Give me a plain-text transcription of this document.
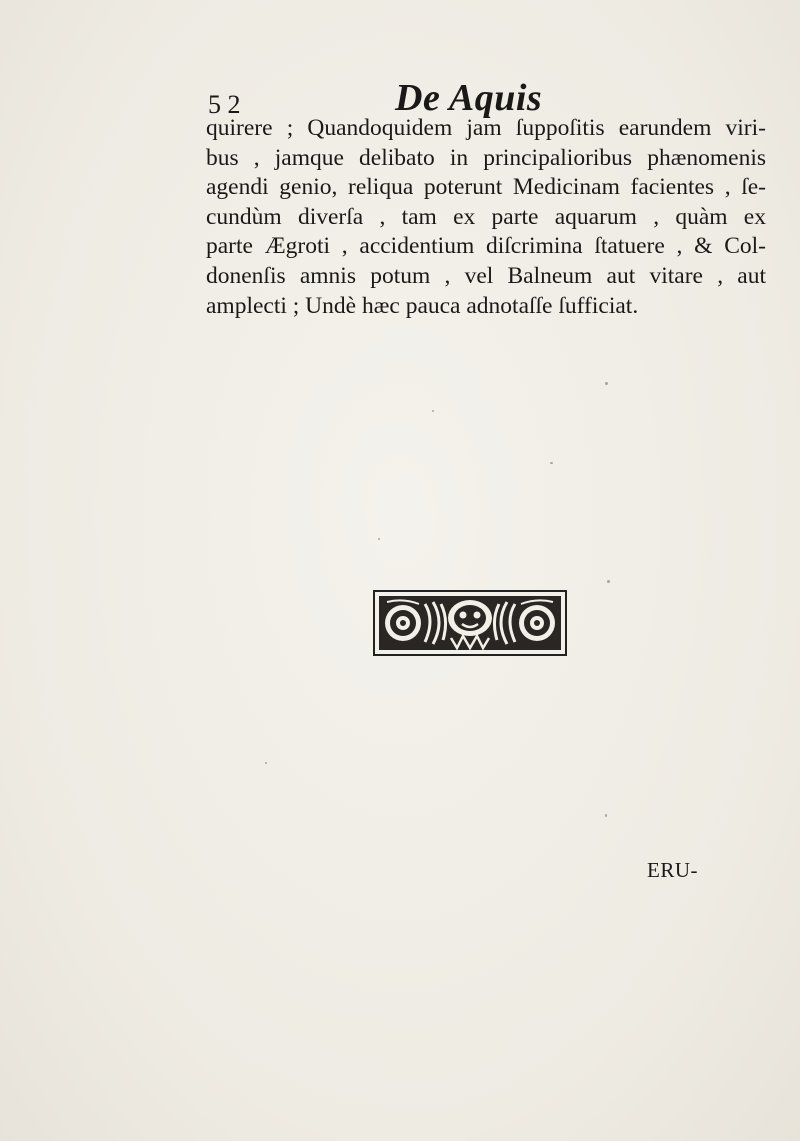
5 2	De Aquis
quirere ; Quandoquidem jam ſuppoſitis earundem viri-
bus , jamque delibato in principalioribus phænomenis
agendi genio, reliqua poterunt Medicinam facientes , ſe-
cundùm diverſa , tam ex parte aquarum , quàm ex
parte Ægroti , accidentium diſcrimina ſtatuere , & Col-
donenſis amnis potum , vel Balneum aut vitare , aut
amplecti ; Undè hæc pauca adnotaſſe ſufficiat.
ERU-
